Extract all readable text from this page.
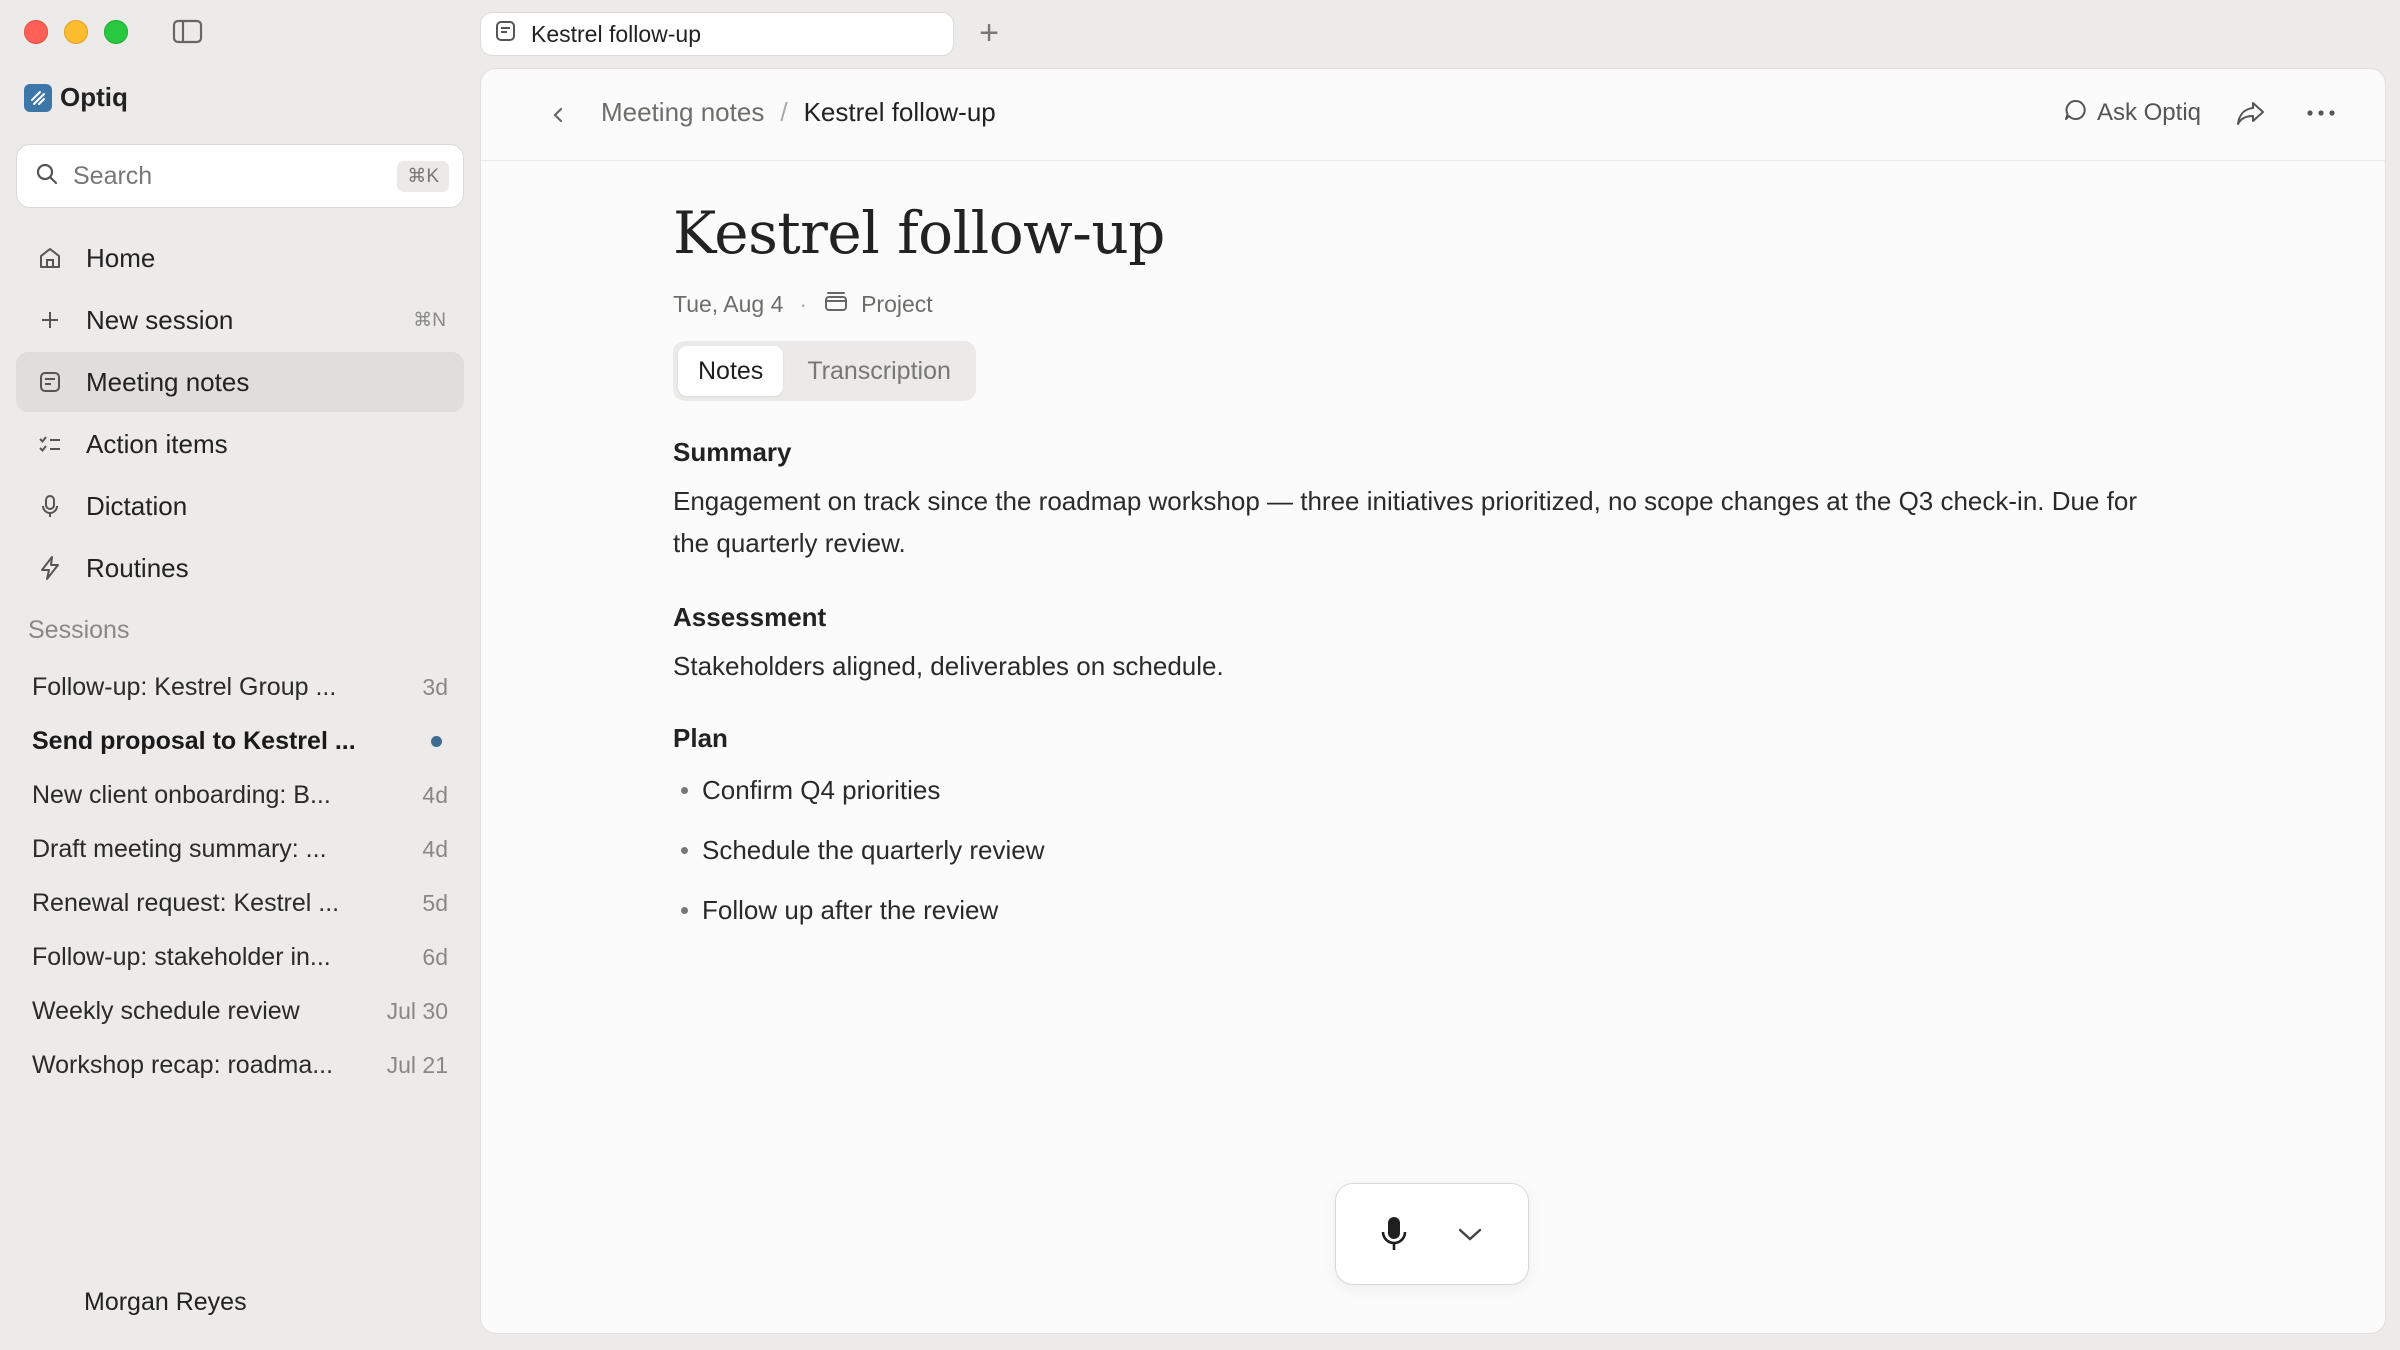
Kestrel follow-up	+
Optiq
Search	⌘K
Home
New session	⌘N
Meeting notes
Action items
Dictation
Routines
Sessions
Follow-up: Kestrel Group ...	3d
Send proposal to Kestrel ...
New client onboarding: B...	4d
Draft meeting summary: ...	4d
Renewal request: Kestrel ...	5d
Follow-up: stakeholder in...	6d
Weekly schedule review	Jul 30
Workshop recap: roadma...	Jul 21
Morgan Reyes
Meeting notes / Kestrel follow-up	Ask Optiq
Kestrel follow-up
Tue, Aug 4 · Project
Notes	Transcription
Summary

Engagement on track since the roadmap workshop — three initiatives prioritized, no scope changes at the Q3 check-in. Due for the quarterly review.

Assessment

Stakeholders aligned, deliverables on schedule.

Plan
Confirm Q4 priorities
Schedule the quarterly review
Follow up after the review
